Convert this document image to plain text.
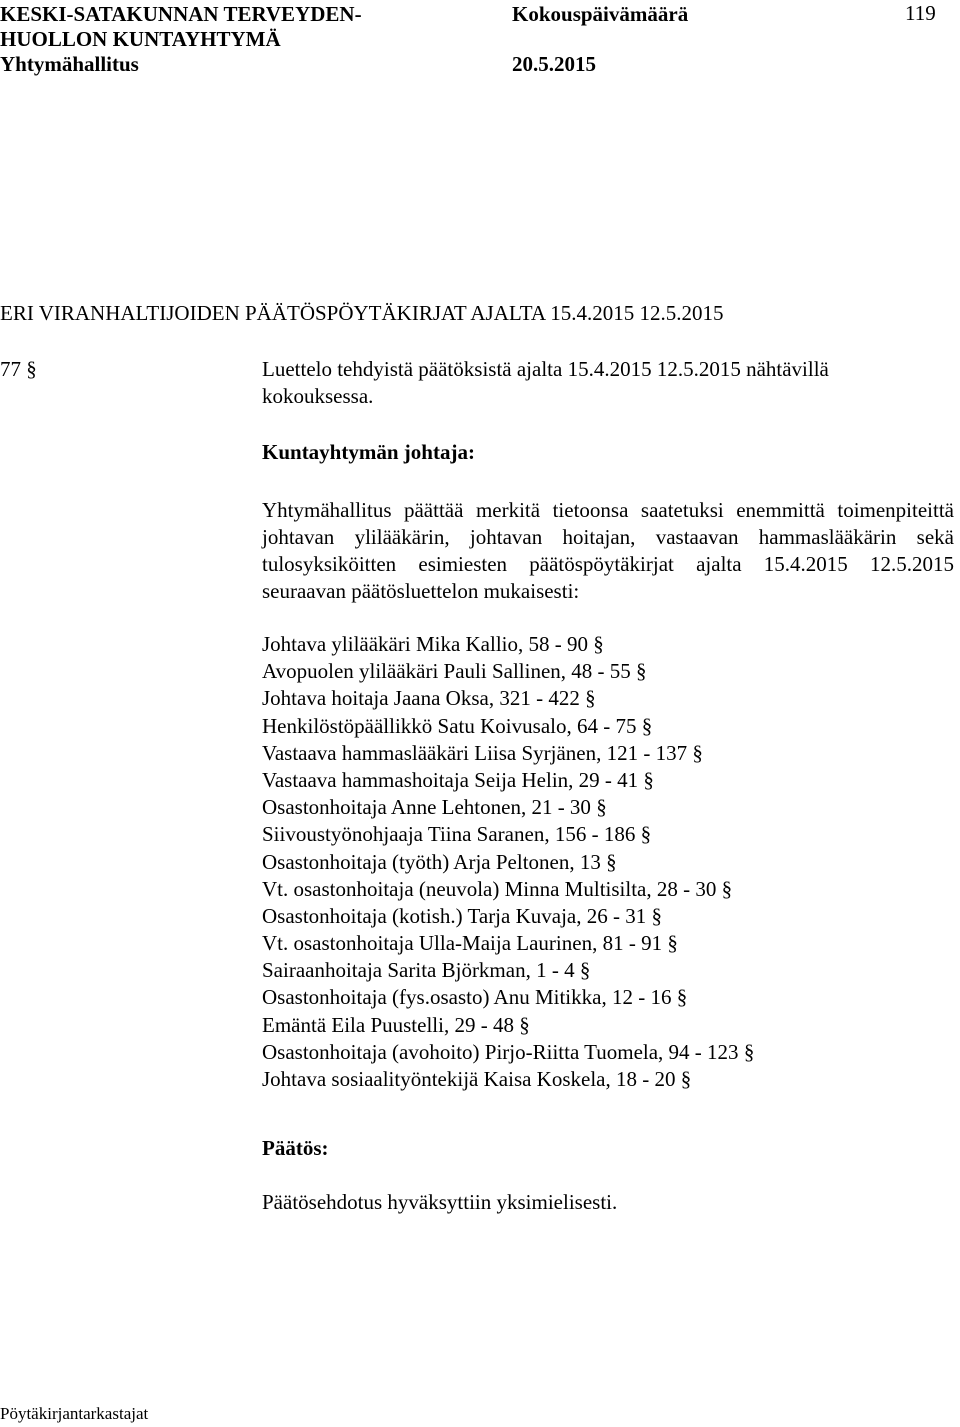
KESKI-SATAKUNNAN TERVEYDEN-
HUOLLON KUNTAYHTYMÄ
Yhtymähallitus
Kokouspäivämäärä
20.5.2015
119
ERI VIRANHALTIJOIDEN PÄÄTÖSPÖYTÄKIRJAT AJALTA 15.4.2015 12.5.2015
77 §	Luettelo tehdyistä päätöksistä ajalta 15.4.2015 12.5.2015 nähtävillä
kokouksessa.
Kuntayhtymän johtaja:
Yhtymähallitus päättää merkitä tietoonsa saatetuksi enemmittä toimenpiteittä johtavan ylilääkärin, johtavan hoitajan, vastaavan hammaslääkärin sekä tulosyksiköitten esimiesten päätöspöytäkirjat ajalta 15.4.2015 12.5.2015 seuraavan päätösluettelon mukaisesti:
Johtava ylilääkäri Mika Kallio, 58 - 90 §
Avopuolen ylilääkäri Pauli Sallinen, 48 - 55 §
Johtava hoitaja Jaana Oksa, 321 - 422 §
Henkilöstöpäällikkö Satu Koivusalo, 64 - 75 §
Vastaava hammaslääkäri Liisa Syrjänen, 121 - 137 §
Vastaava hammashoitaja Seija Helin, 29 - 41 §
Osastonhoitaja Anne Lehtonen, 21 - 30 §
Siivoustyönohjaaja Tiina Saranen, 156 - 186 §
Osastonhoitaja (työth) Arja Peltonen, 13 §
Vt. osastonhoitaja (neuvola) Minna Multisilta, 28 - 30 §
Osastonhoitaja (kotish.) Tarja Kuvaja, 26 - 31 §
Vt. osastonhoitaja Ulla-Maija Laurinen, 81 - 91 §
Sairaanhoitaja Sarita Björkman, 1 - 4 §
Osastonhoitaja (fys.osasto) Anu Mitikka, 12 - 16 §
Emäntä Eila Puustelli, 29 - 48 §
Osastonhoitaja (avohoito) Pirjo-Riitta Tuomela, 94 - 123 §
Johtava sosiaalityöntekijä Kaisa Koskela, 18 - 20 §
Päätös:
Päätösehdotus hyväksyttiin yksimielisesti.
Pöytäkirjantarkastajat
